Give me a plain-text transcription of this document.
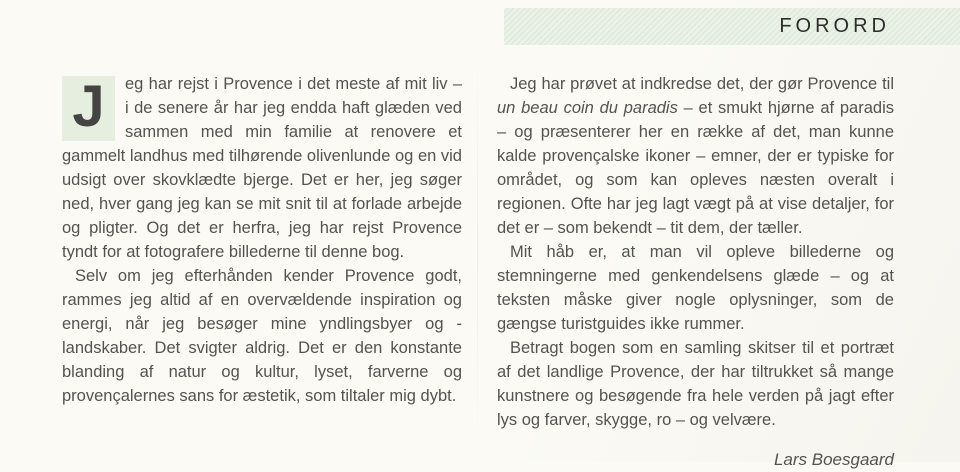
FORORD

J	eg har rejst i Provence i det meste af mit liv – i de senere år har jeg endda haft glæden ved sammen med min familie at renovere et gammelt landhus med tilhørende olivenlunde og en vid udsigt over skovklædte bjerge. Det er her, jeg søger ned, hver gang jeg kan se mit snit til at forlade arbejde og pligter. Og det er herfra, jeg har rejst Provence tyndt for at fotografere billederne til denne bog.

Selv om jeg efterhånden kender Provence godt, rammes jeg altid af en overvældende inspiration og energi, når jeg besøger mine yndlingsbyer og -landskaber. Det svigter aldrig. Det er den konstante blanding af natur og kultur, lyset, farverne og provençalernes sans for æstetik, som tiltaler mig dybt.

Jeg har prøvet at indkredse det, der gør Provence til un beau coin du paradis – et smukt hjørne af paradis – og præsenterer her en række af det, man kunne kalde provençalske ikoner – emner, der er typiske for området, og som kan opleves næsten overalt i regionen. Ofte har jeg lagt vægt på at vise detaljer, for det er – som bekendt – tit dem, der tæller.

Mit håb er, at man vil opleve billederne og stemningerne med genkendelsens glæde – og at teksten måske giver nogle oplysninger, som de gængse turistguides ikke rummer.

Betragt bogen som en samling skitser til et portræt af det landlige Provence, der har tiltrukket så mange kunstnere og besøgende fra hele verden på jagt efter lys og farver, skygge, ro – og velvære.

Lars Boesgaard
